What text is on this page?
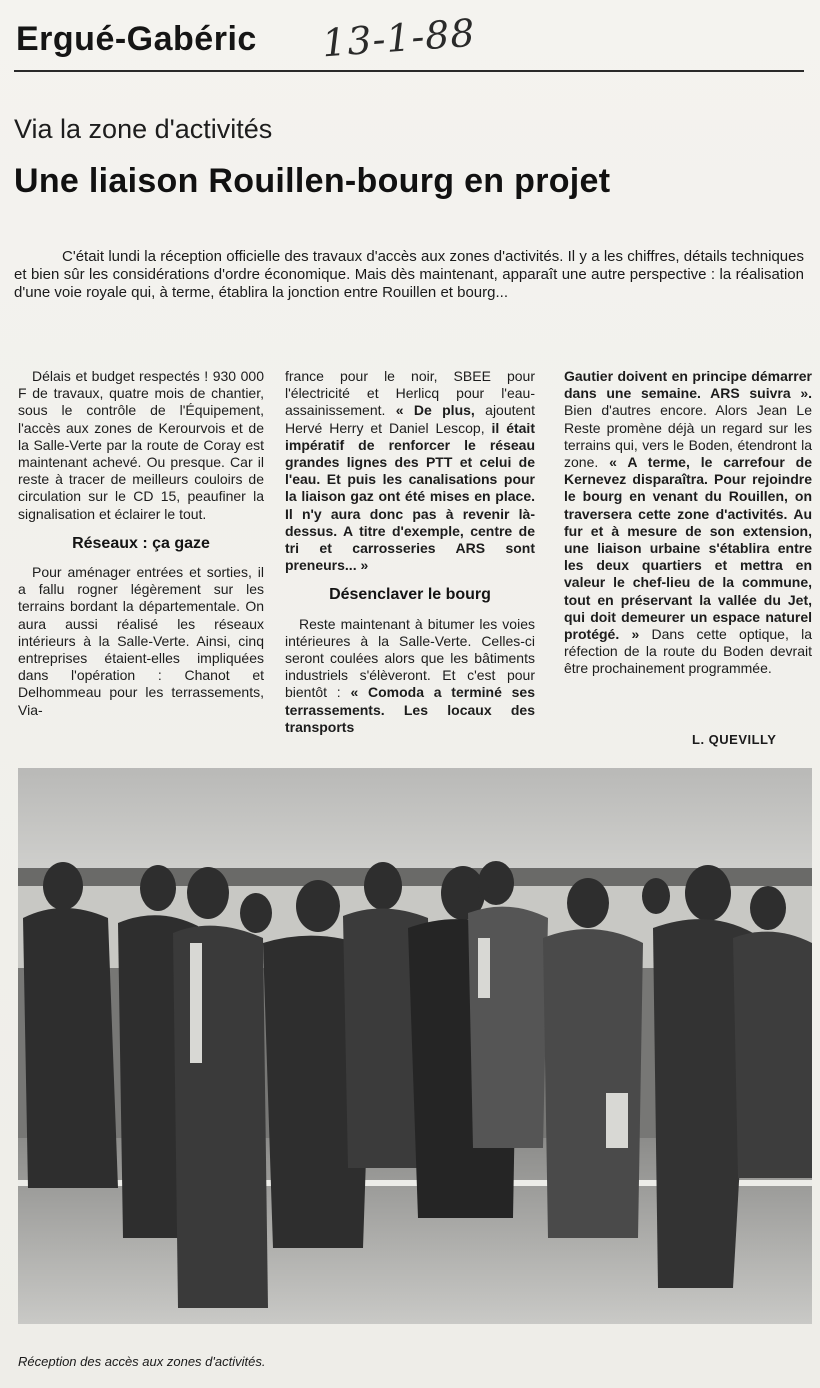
Ergué-Gabéric 13-1-88
Via la zone d'activités
Une liaison Rouillen-bourg en projet
C'était lundi la réception officielle des travaux d'accès aux zones d'activités. Il y a les chiffres, détails techniques et bien sûr les considérations d'ordre économique. Mais dès maintenant, apparaît une autre perspective : la réalisation d'une voie royale qui, à terme, établira la jonction entre Rouillen et bourg...

Délais et budget respectés ! 930 000 F de travaux, quatre mois de chantier, sous le contrôle de l'Équipement, l'accès aux zones de Kerourvois et de la Salle-Verte par la route de Coray est maintenant achevé. Ou presque. Car il reste à tracer de meilleurs couloirs de circulation sur le CD 15, peaufiner la signalisation et éclairer le tout.

Réseaux : ça gaze

Pour aménager entrées et sorties, il a fallu rogner légèrement sur les terrains bordant la départementale. On aura aussi réalisé les réseaux intérieurs à la Salle-Verte. Ainsi, cinq entreprises étaient-elles impliquées dans l'opération : Chanot et Delhommeau pour les terrassements, Via-

france pour le noir, SBEE pour l'électricité et Herlicq pour l'eau-assainissement. « De plus, ajoutent Hervé Herry et Daniel Lescop, il était impératif de renforcer le réseau grandes lignes des PTT et celui de l'eau. Et puis les canalisations pour la liaison gaz ont été mises en place. Il n'y aura donc pas à revenir là-dessus. A titre d'exemple, centre de tri et carrosseries ARS sont preneurs... »

Désenclaver le bourg

Reste maintenant à bitumer les voies intérieures à la Salle-Verte. Celles-ci seront coulées alors que les bâtiments industriels s'élèveront. Et c'est pour bientôt : « Comoda a terminé ses terrassements. Les locaux des transports

Gautier doivent en principe démarrer dans une semaine. ARS suivra ». Bien d'autres encore. Alors Jean Le Reste promène déjà un regard sur les terrains qui, vers le Boden, étendront la zone. « A terme, le carrefour de Kernevez disparaîtra. Pour rejoindre le bourg en venant du Rouillen, on traversera cette zone d'activités. Au fur et à mesure de son extension, une liaison urbaine s'établira entre les deux quartiers et mettra en valeur le chef-lieu de la commune, tout en préservant la vallée du Jet, qui doit demeurer un espace naturel protégé. » Dans cette optique, la réfection de la route du Boden devrait être prochainement programmée.

L. QUEVILLY
Réception des accès aux zones d'activités.
